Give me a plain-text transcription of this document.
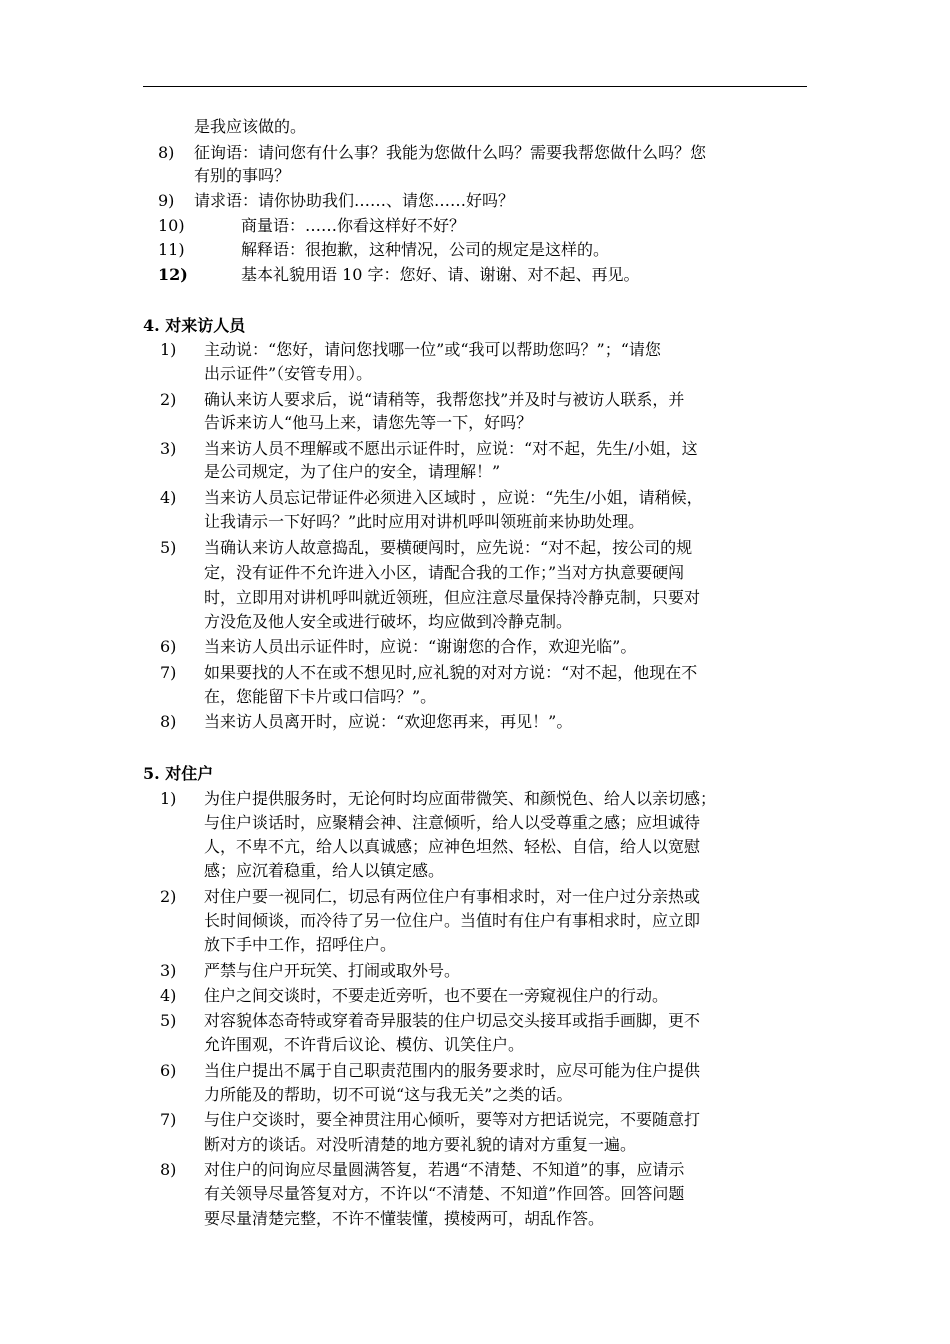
是我应该做的。
8) 征询语：请问您有什么事？我能为您做什么吗？需要我帮您做什么吗？您
有别的事吗？
9) 请求语：请你协助我们……、请您……好吗？
10)	商量语：……你看这样好不好？
11)	解释语：很抱歉，这种情况，公司的规定是这样的。
12)	基本礼貌用语 10 字：您好、请、谢谢、对不起、再见。
4. 对来访人员
1) 主动说：“您好，请问您找哪一位”或“我可以帮助您吗？”；“请您
出示证件”（安管专用）。
2) 确认来访人要求后，说“请稍等，我帮您找”并及时与被访人联系，并
告诉来访人“他马上来，请您先等一下，好吗？
3) 当来访人员不理解或不愿出示证件时，应说：“对不起，先生/小姐，这
是公司规定，为了住户的安全，请理解！”
4) 当来访人员忘记带证件必须进入区域时 ，应说：“先生/小姐，请稍候，
让我请示一下好吗？”此时应用对讲机呼叫领班前来协助处理。
5) 当确认来访人故意捣乱，要横硬闯时，应先说：“对不起，按公司的规
定，没有证件不允许进入小区，请配合我的工作；”当对方执意要硬闯
时，立即用对讲机呼叫就近领班，但应注意尽量保持冷静克制，只要对
方没危及他人安全或进行破坏，均应做到冷静克制。
6) 当来访人员出示证件时，应说：“谢谢您的合作，欢迎光临”。
7) 如果要找的人不在或不想见时,应礼貌的对对方说：“对不起，他现在不
在，您能留下卡片或口信吗？”。
8) 当来访人员离开时，应说：“欢迎您再来，再见！”。
5. 对住户
1) 为住户提供服务时，无论何时均应面带微笑、和颜悦色、给人以亲切感；
与住户谈话时，应聚精会神、注意倾听，给人以受尊重之感；应坦诚待
人，不卑不亢，给人以真诚感；应神色坦然、轻松、自信，给人以宽慰
感；应沉着稳重，给人以镇定感。
2) 对住户要一视同仁，切忌有两位住户有事相求时，对一住户过分亲热或
长时间倾谈，而冷待了另一位住户。当值时有住户有事相求时，应立即
放下手中工作，招呼住户。
3) 严禁与住户开玩笑、打闹或取外号。
4) 住户之间交谈时，不要走近旁听，也不要在一旁窥视住户的行动。
5) 对容貌体态奇特或穿着奇异服装的住户切忌交头接耳或指手画脚，更不
允许围观，不许背后议论、模仿、讥笑住户。
6) 当住户提出不属于自己职责范围内的服务要求时，应尽可能为住户提供
力所能及的帮助，切不可说“这与我无关”之类的话。
7) 与住户交谈时，要全神贯注用心倾听，要等对方把话说完，不要随意打
断对方的谈话。对没听清楚的地方要礼貌的请对方重复一遍。
8) 对住户的问询应尽量圆满答复，若遇“不清楚、不知道”的事，应请示
有关领导尽量答复对方，不许以“不清楚、不知道”作回答。回答问题
要尽量清楚完整，不许不懂装懂，摸棱两可，胡乱作答。
